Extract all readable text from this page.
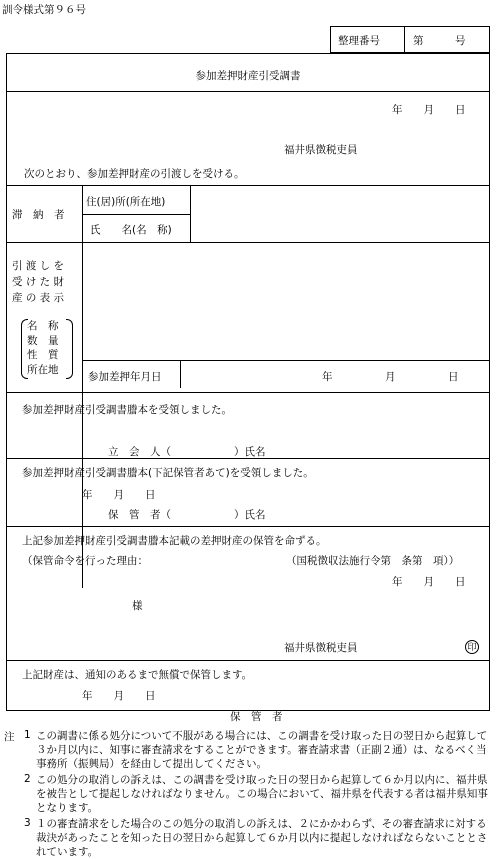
訓令様式第９６号
整理番号	第　　　号
参加差押財産引受調書
年　　月　　日
福井県徴税吏員
次のとおり、参加差押財産の引渡しを受ける。
滞　納　者
住(居)所(所在地)
氏　　名(名　称)
引 渡 し を
受 け た 財
産 の 表 示
名　称
数　量
性　質
所在地
参加差押年月日	年　　　　　月　　　　　日
参加差押財産引受調書謄本を受領しました。
立　会　人（　　　　　　）氏名
参加差押財産引受調書謄本(下記保管者あて)を受領しました。
年　　月　　日
保　管　者（　　　　　　）氏名
上記参加差押財産引受調書謄本記載の差押財産の保管を命ずる。
（保管命令を行った理由：	（国税徴収法施行令第　条第　項））
年　　月　　日
様
福井県徴税吏員	印
上記財産は、通知のあるまで無償で保管します。
年　　月　　日
保　管　者
注 1 この調書に係る処分について不服がある場合には、この調書を受け取った日の翌日から起算して３か月以内に、知事に審査請求をすることができます。審査請求書（正副２通）は、なるべく当事務所（振興局）を経由して提出してください。
2 この処分の取消しの訴えは、この調書を受け取った日の翌日から起算して６か月以内に、福井県を被告として提起しなければなりません。この場合において、福井県を代表する者は福井県知事となります。
3 １の審査請求をした場合のこの処分の取消しの訴えは、２にかかわらず、その審査請求に対する裁決があったことを知った日の翌日から起算して６か月以内に提起しなければならないこととされています。
